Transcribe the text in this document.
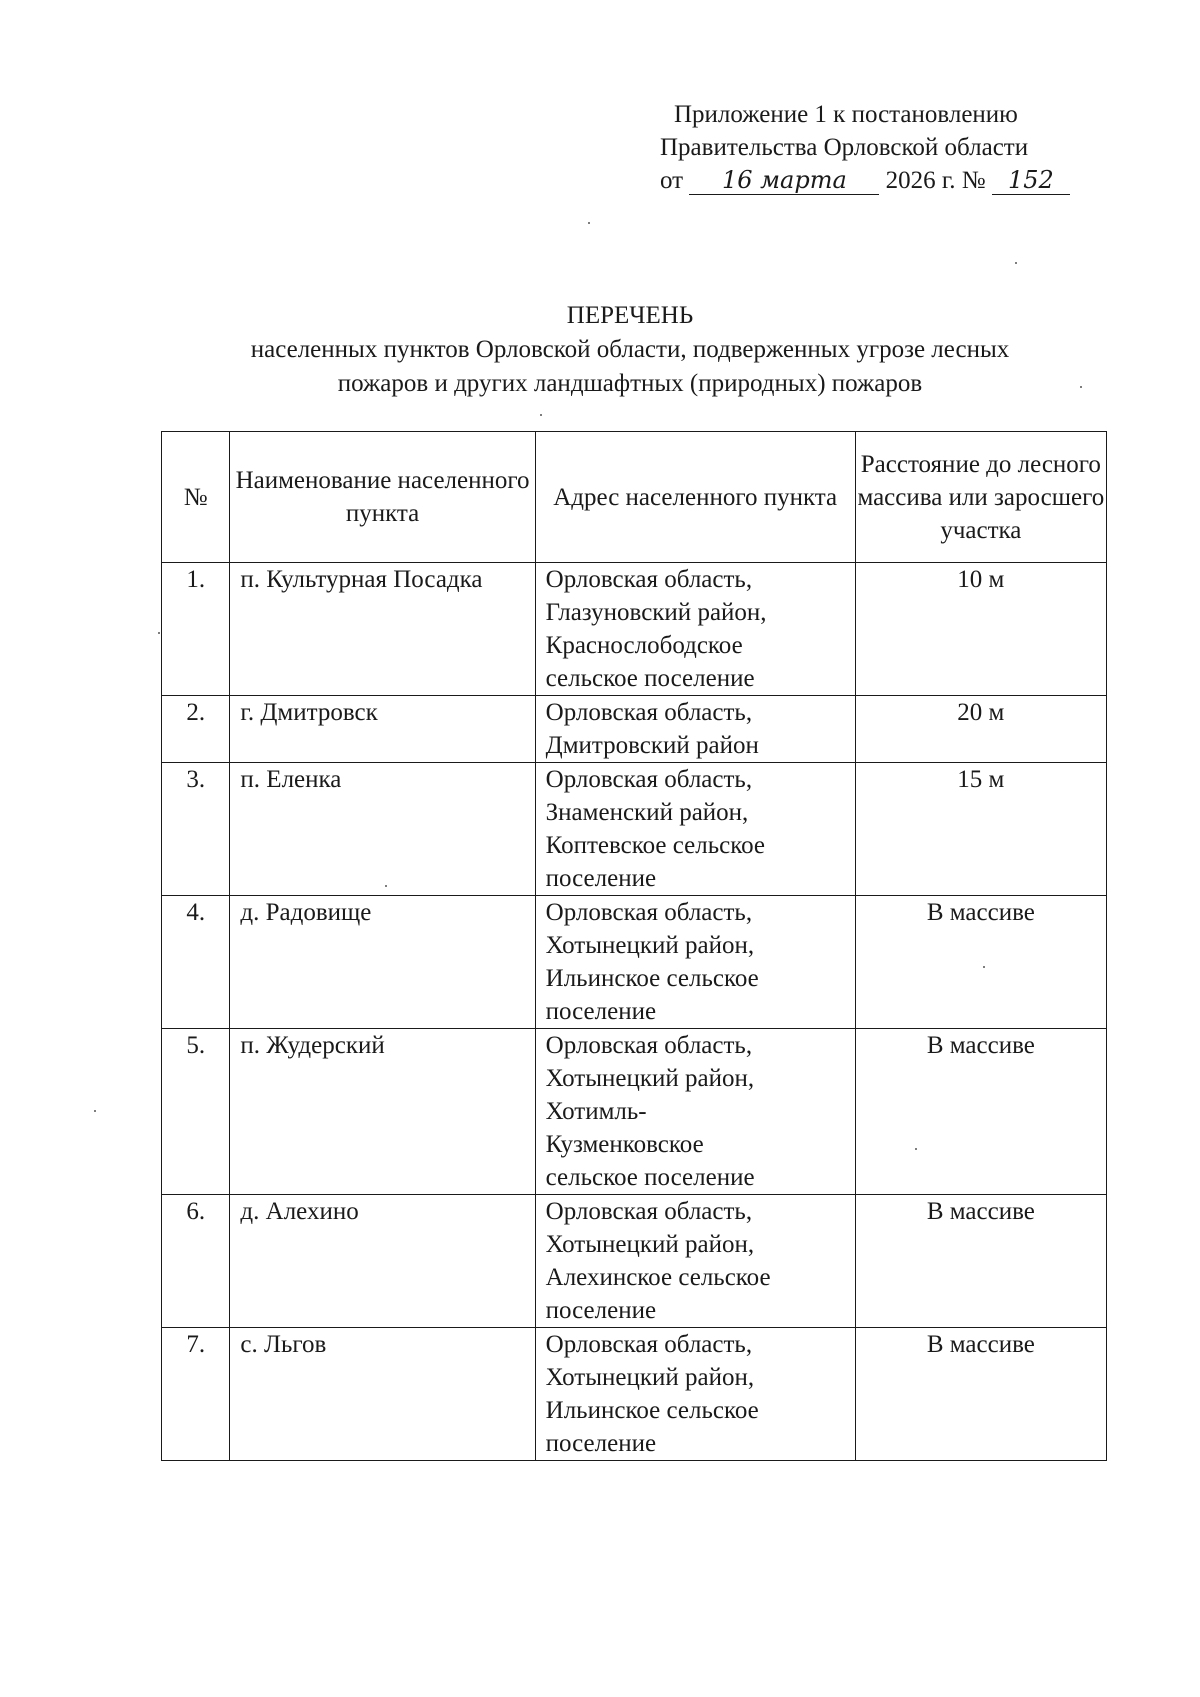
Приложение 1 к постановлению
Правительства Орловской области
от 16 марта 2026 г. № 152
ПЕРЕЧЕНЬ
населенных пунктов Орловской области, подверженных угрозе лесных
пожаров и других ландшафтных (природных) пожаров
№	Наименование населенного пункта	Адрес населенного пункта	Расстояние до лесного массива или заросшего участка
1.	п. Культурная Посадка	Орловская область,
Глазуновский район,
Краснослободское
сельское поселение	10 м
2.	г. Дмитровск	Орловская область,
Дмитровский район	20 м
3.	п. Еленка	Орловская область,
Знаменский район,
Коптевское сельское
поселение	15 м
4.	д. Радовище	Орловская область,
Хотынецкий район,
Ильинское сельское
поселение	В массиве
5.	п. Жудерский	Орловская область,
Хотынецкий район,
Хотимль-
Кузменковское
сельское поселение	В массиве
6.	д. Алехино	Орловская область,
Хотынецкий район,
Алехинское сельское
поселение	В массиве
7.	с. Льгов	Орловская область,
Хотынецкий район,
Ильинское сельское
поселение	В массиве
